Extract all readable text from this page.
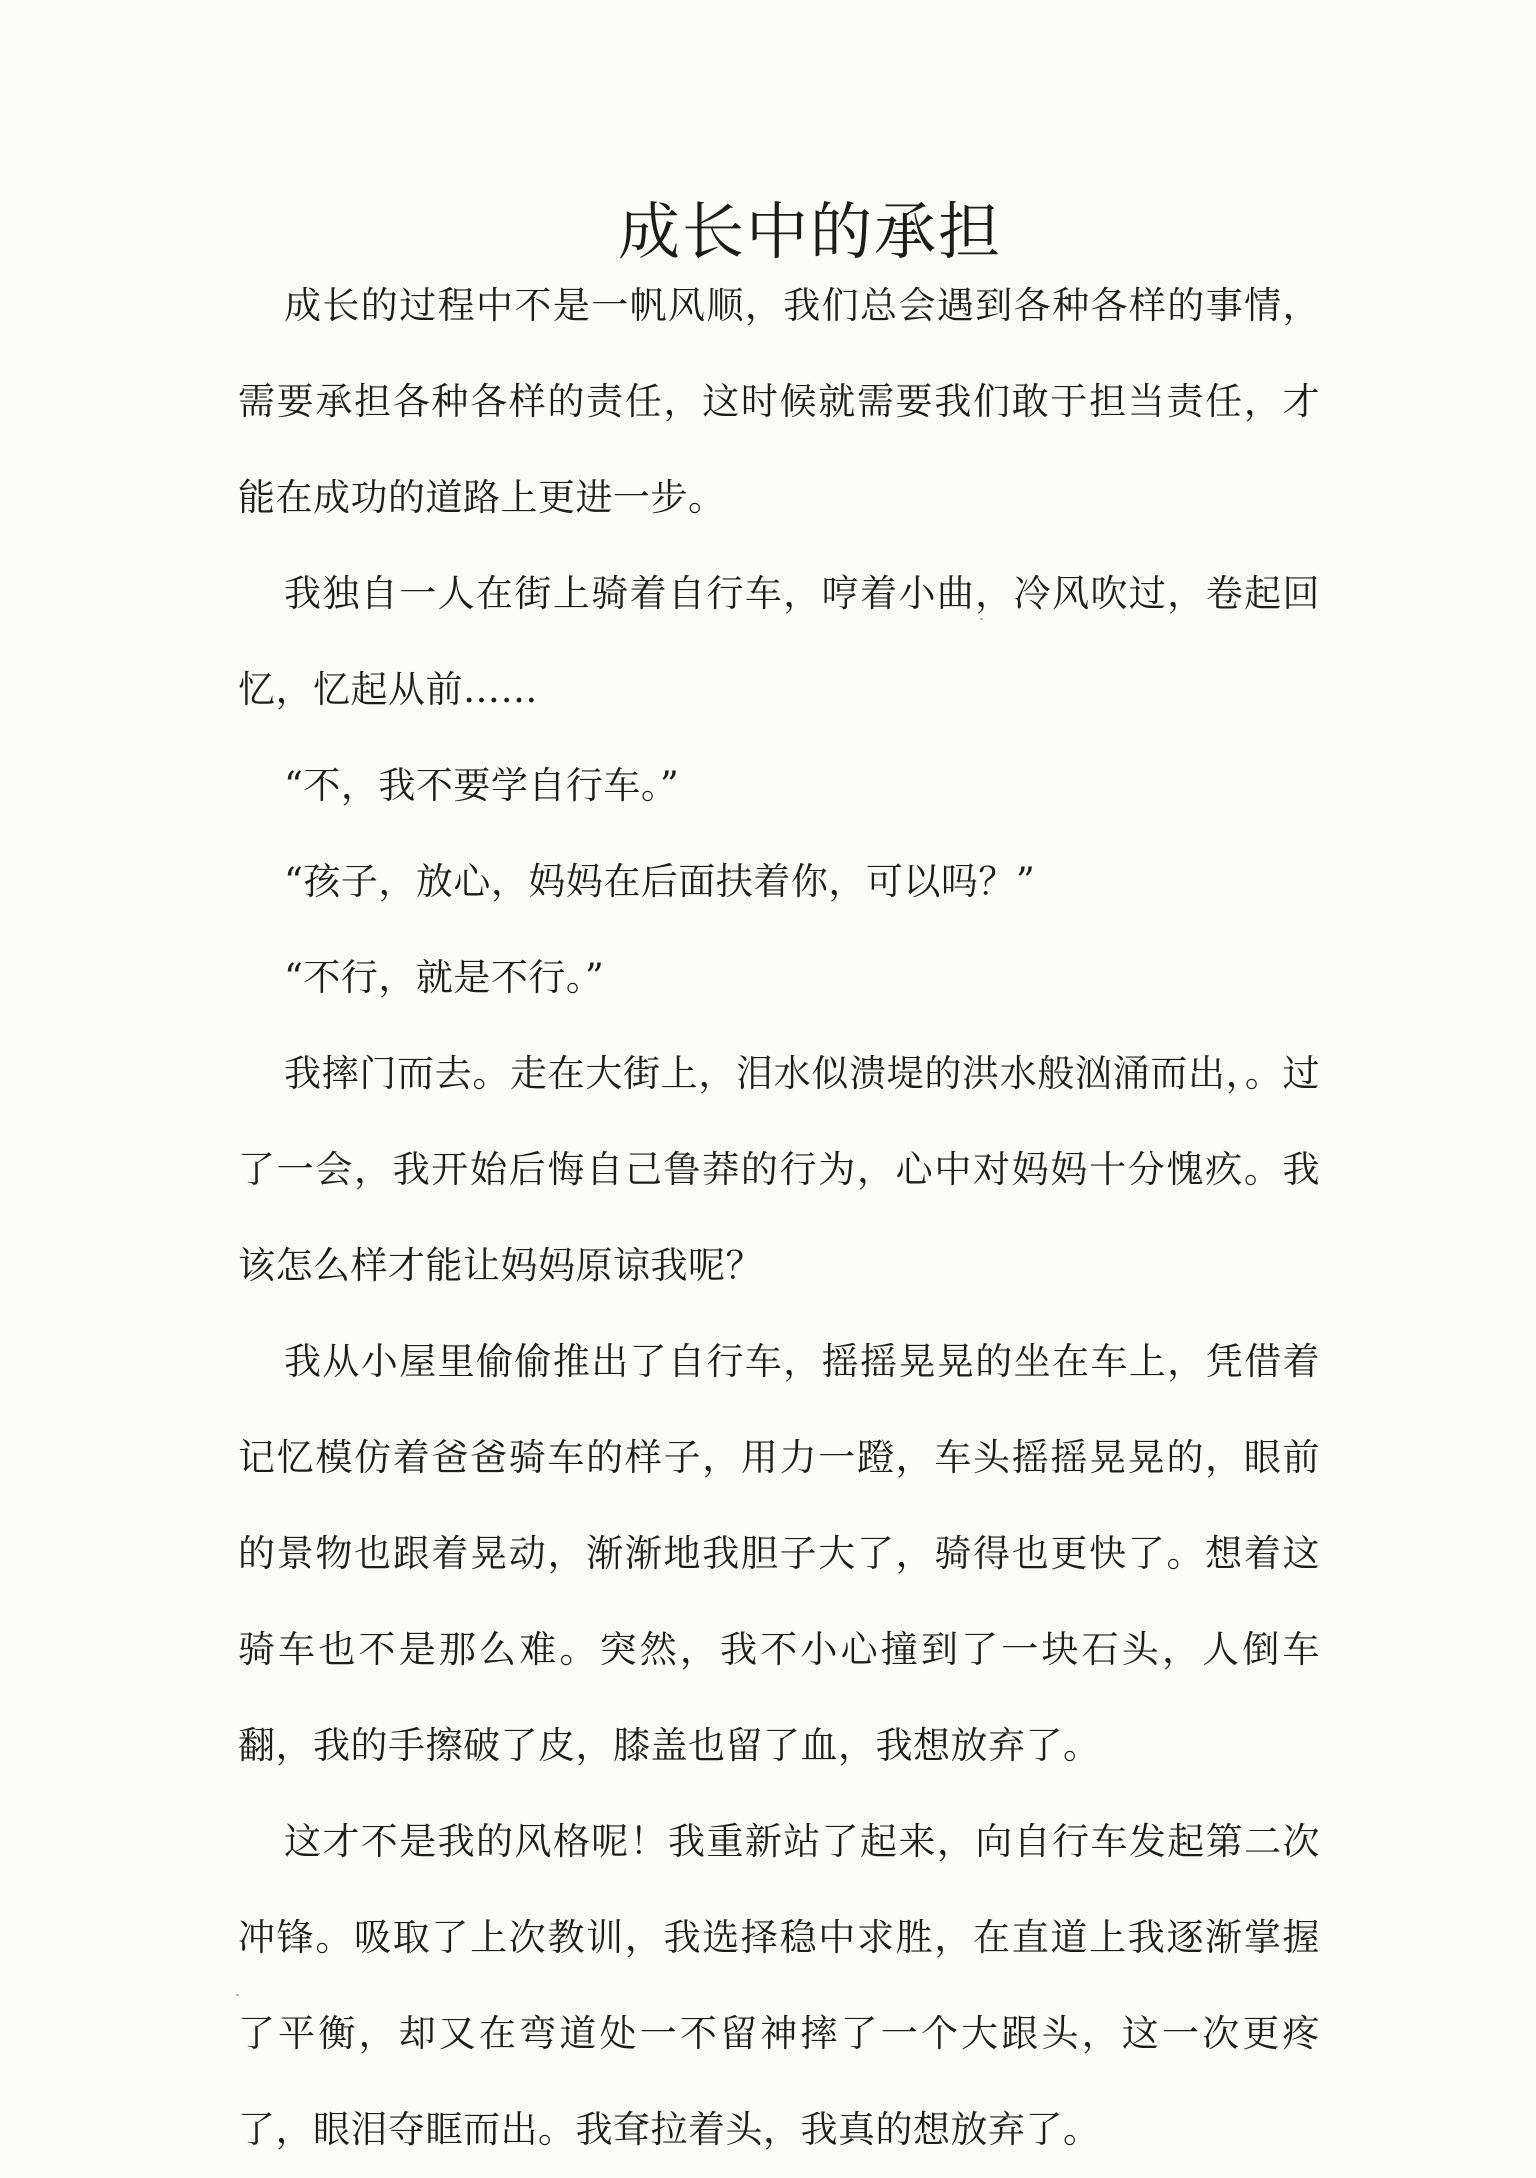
成长中的承担

成长的过程中不是一帆风顺，我们总会遇到各种各样的事情，需要承担各种各样的责任，这时候就需要我们敢于担当责任，才能在成功的道路上更进一步。

我独自一人在街上骑着自行车，哼着小曲，冷风吹过，卷起回忆，忆起从前……

“不，我不要学自行车。”

“孩子，放心，妈妈在后面扶着你，可以吗？”

“不行，就是不行。”

我摔门而去。走在大街上，泪水似溃堤的洪水般汹涌而出，。过了一会，我开始后悔自己鲁莽的行为，心中对妈妈十分愧疚。我该怎么样才能让妈妈原谅我呢？

我从小屋里偷偷推出了自行车，摇摇晃晃的坐在车上，凭借着记忆模仿着爸爸骑车的样子，用力一蹬，车头摇摇晃晃的，眼前的景物也跟着晃动，渐渐地我胆子大了，骑得也更快了。想着这骑车也不是那么难。突然，我不小心撞到了一块石头，人倒车翻，我的手擦破了皮，膝盖也留了血，我想放弃了。

这才不是我的风格呢！我重新站了起来，向自行车发起第二次冲锋。吸取了上次教训，我选择稳中求胜，在直道上我逐渐掌握了平衡，却又在弯道处一不留神摔了一个大跟头，这一次更疼了，眼泪夺眶而出。我耷拉着头，我真的想放弃了。
